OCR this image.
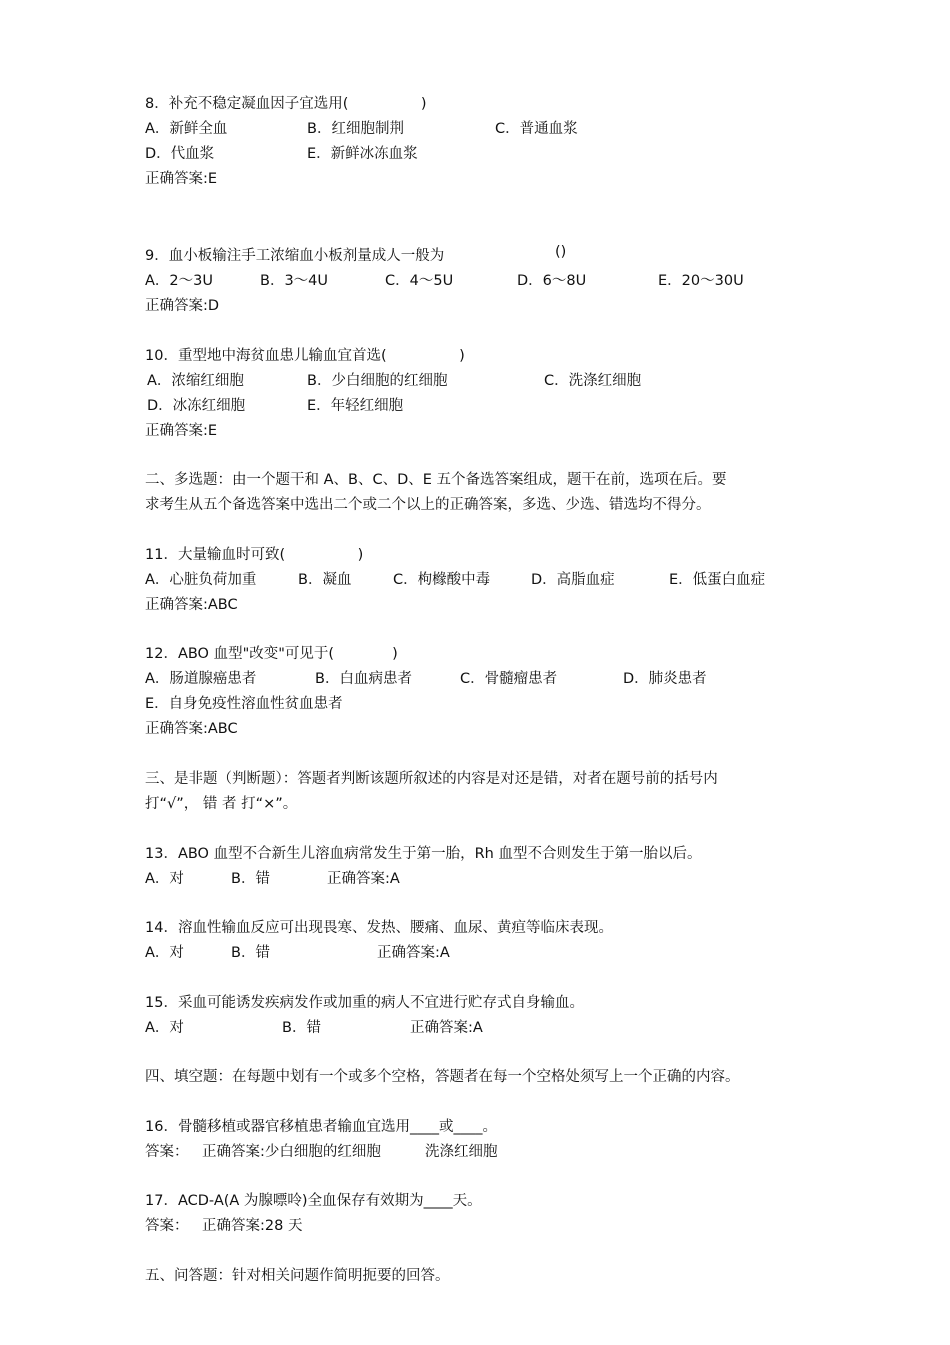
8．补充不稳定凝血因子宜选用(　　　　　)
A．新鲜全血	B．红细胞制荆	C．普通血浆
D．代血浆	E．新鲜冰冻血浆
正确答案:E
9．血小板输注手工浓缩血小板剂量成人一般为	()
A．2～3U	B．3～4U	C．4～5U	D．6～8U	E．20～30U
正确答案:D
10．重型地中海贫血患儿输血宜首选(　　　　　)
A．浓缩红细胞	B．少白细胞的红细胞	C．洗涤红细胞
D．冰冻红细胞	E．年轻红细胞
正确答案:E
二、多选题：由一个题干和 A、B、C、D、E 五个备选答案组成，题干在前，选项在后。要
求考生从五个备选答案中选出二个或二个以上的正确答案，多选、少选、错选均不得分。
11．大量输血时可致(　　　　　)
A．心脏负荷加重	B．凝血	C．枸橼酸中毒	D．高脂血症	E．低蛋白血症
正确答案:ABC
12．ABO 血型"改变"可见于(　　　　)
A．肠道腺癌患者	B．白血病患者	C．骨髓瘤患者	D．肺炎患者
E．自身免疫性溶血性贫血患者
正确答案:ABC
三、是非题（判断题）：答题者判断该题所叙述的内容是对还是错，对者在题号前的括号内
打“√”， 错 者 打“×”。
13．ABO 血型不合新生儿溶血病常发生于第一胎，Rh 血型不合则发生于第一胎以后。
A．对	B．错	正确答案:A
14．溶血性输血反应可出现畏寒、发热、腰痛、血尿、黄疸等临床表现。
A．对	B．错	正确答案:A
15．采血可能诱发疾病发作或加重的病人不宜进行贮存式自身输血。
A．对	B．错	正确答案:A
四、填空题：在每题中划有一个或多个空格，答题者在每一个空格处须写上一个正确的内容。
16．骨髓移植或器官移植患者输血宜选用____或____。
答案： 正确答案:少白细胞的红细胞	洗涤红细胞
17．ACD-A(A 为腺嘌呤)全血保存有效期为____天。
答案： 正确答案:28 天
五、问答题：针对相关问题作简明扼要的回答。
